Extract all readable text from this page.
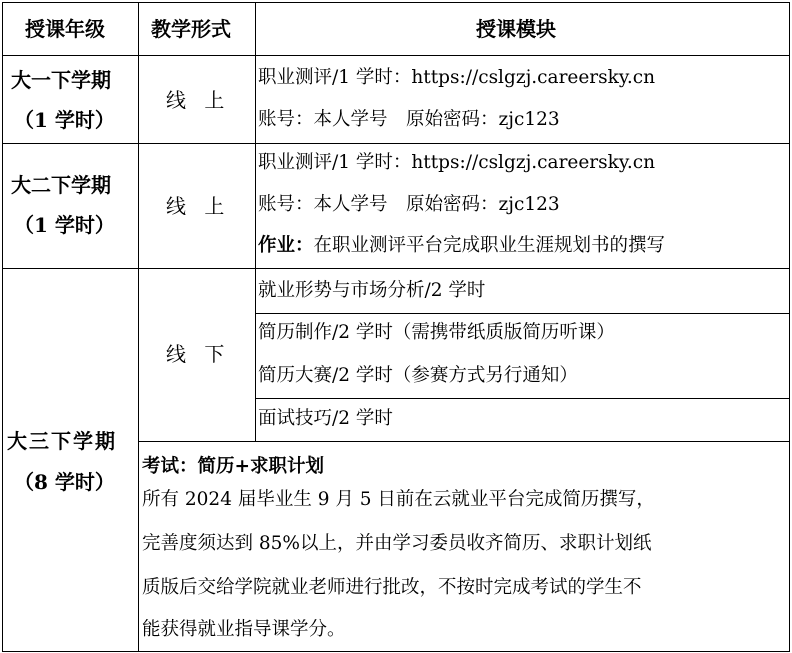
授课年级 教学形式	授课模块
大一下学期
（1 学时）
线 上
职业测评/1 学时：https://cslgzj.careersky.cn
账号：本人学号　原始密码：zjc123
大二下学期
（1 学时）
线 上
职业测评/1 学时：https://cslgzj.careersky.cn
账号：本人学号　原始密码：zjc123
作业：在职业测评平台完成职业生涯规划书的撰写
大三下学期
（8 学时）
线 下
就业形势与市场分析/2 学时
简历制作/2 学时（需携带纸质版简历听课）
简历大赛/2 学时（参赛方式另行通知）
面试技巧/2 学时
考试：简历+求职计划
所有 2024 届毕业生 9 月 5 日前在云就业平台完成简历撰写，
完善度须达到 85%以上，并由学习委员收齐简历、求职计划纸
质版后交给学院就业老师进行批改，不按时完成考试的学生不
能获得就业指导课学分。
